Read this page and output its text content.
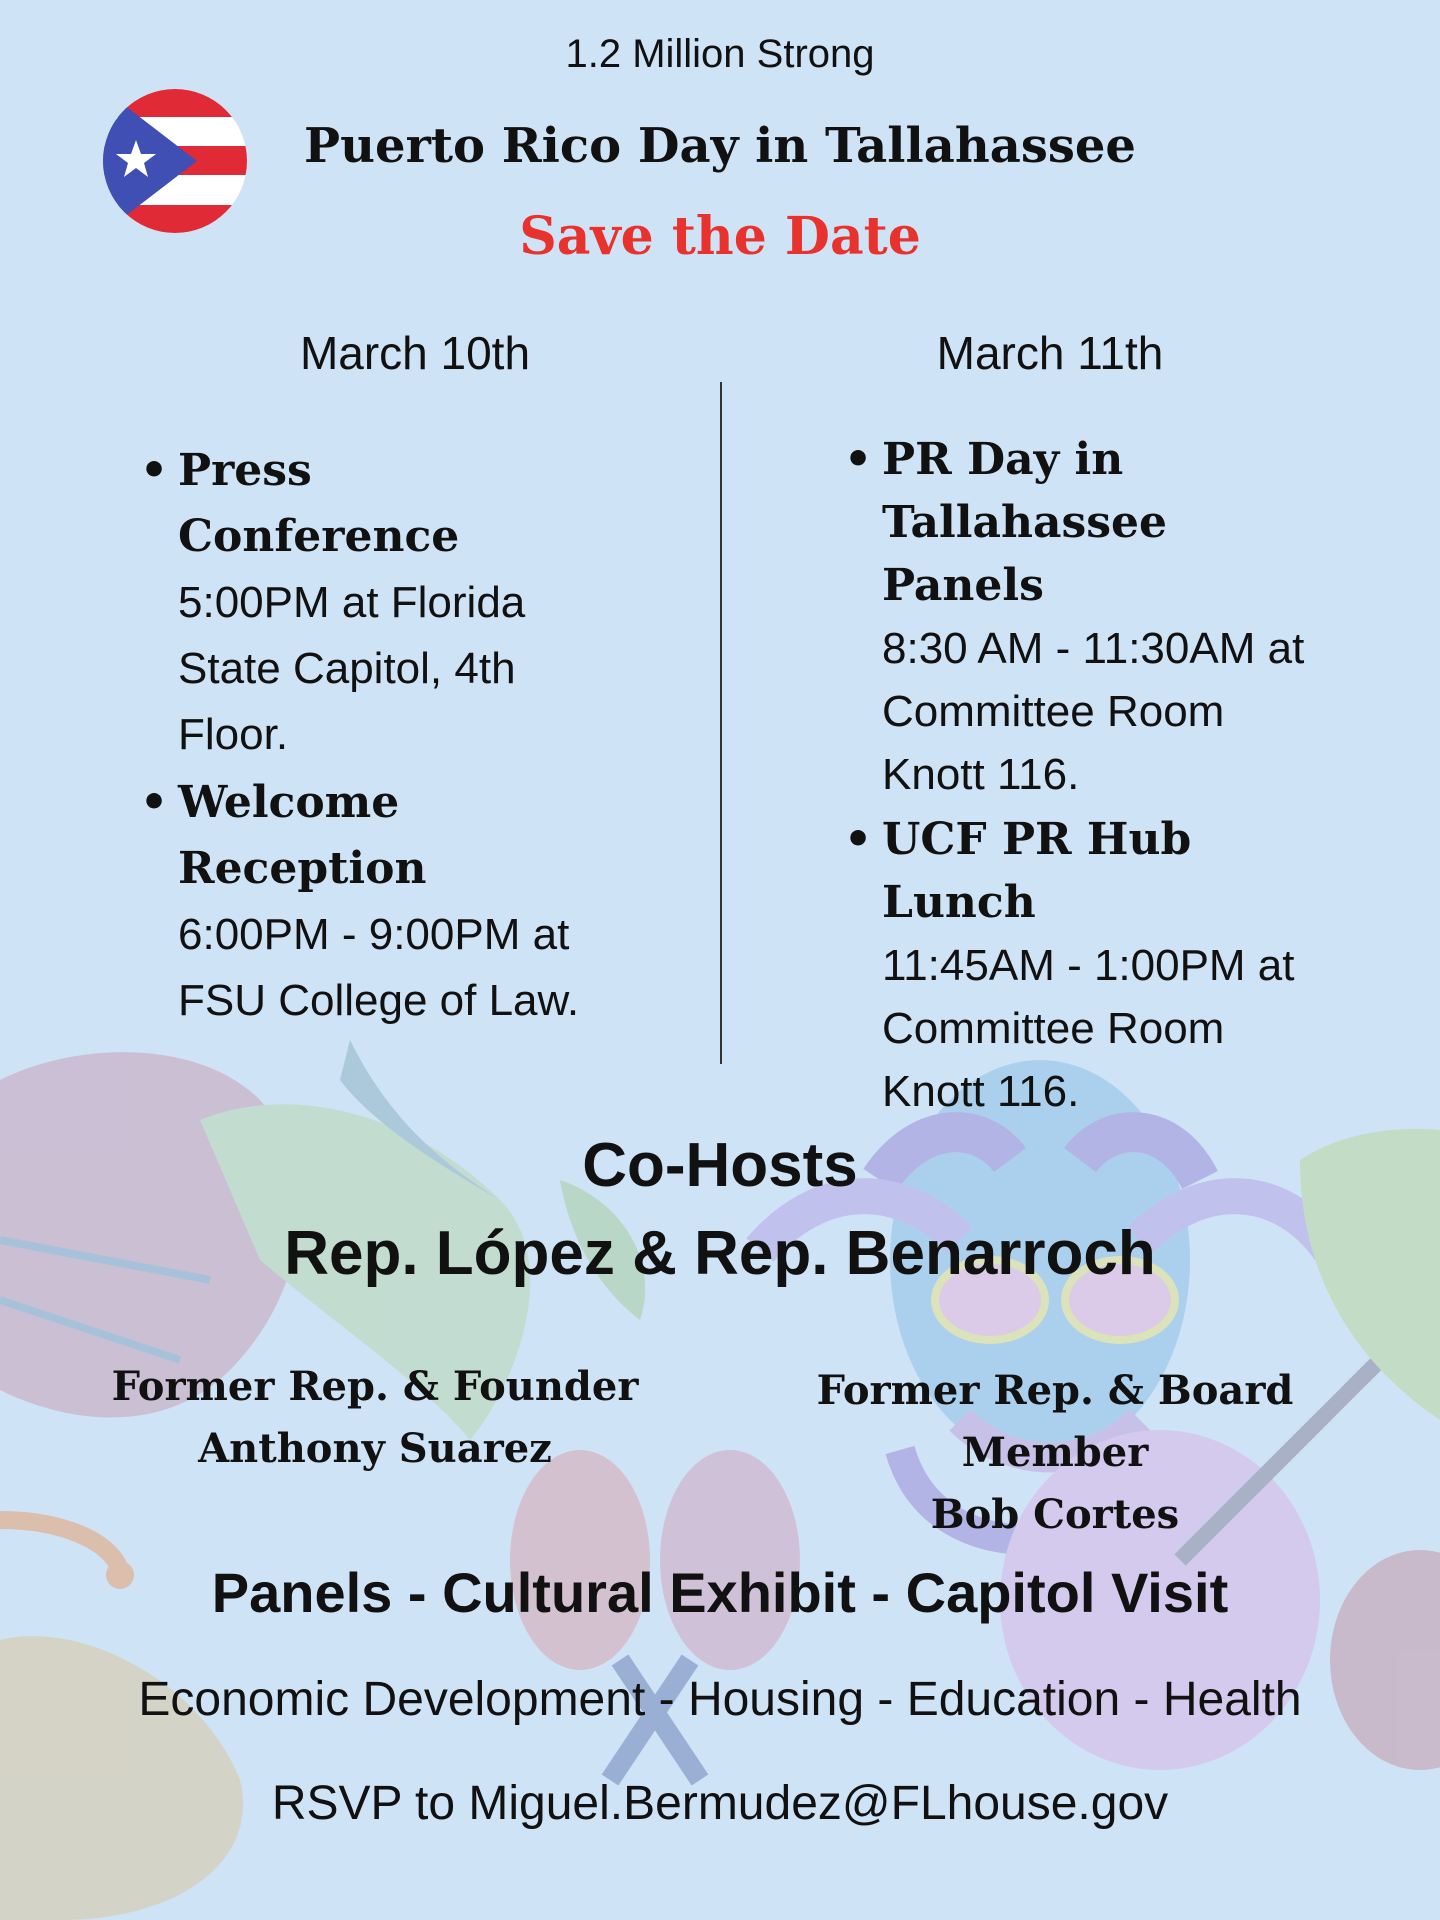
1.2 Million Strong
Puerto Rico Day in Tallahassee
Save the Date
March 10th	March 11th
• Press Conference
5:00PM at Florida State Capitol, 4th Floor.
• Welcome Reception
6:00PM - 9:00PM at FSU College of Law.
• PR Day in Tallahassee Panels
8:30 AM - 11:30AM at Committee Room Knott 116.
• UCF PR Hub Lunch
11:45AM - 1:00PM at Committee Room Knott 116.
Co-Hosts
Rep. López & Rep. Benarroch
Former Rep. & Founder
Anthony Suarez
Former Rep. & Board Member
Bob Cortes
Panels - Cultural Exhibit - Capitol Visit
Economic Development - Housing - Education - Health
RSVP to Miguel.Bermudez@FLhouse.gov
